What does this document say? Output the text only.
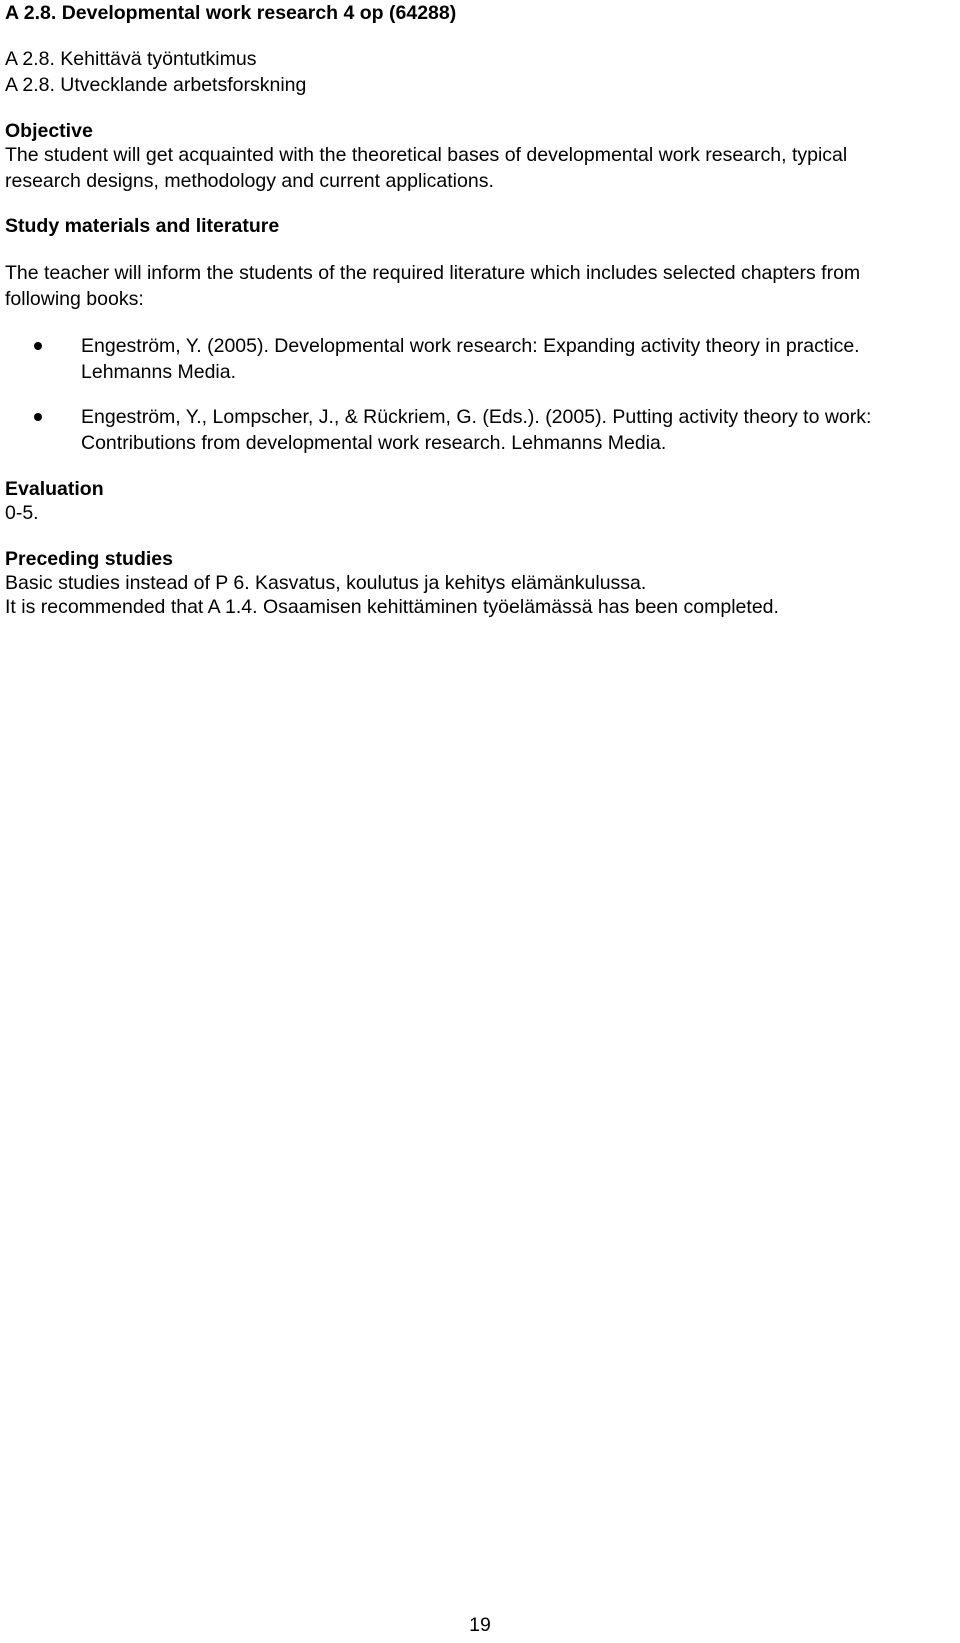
A 2.8. Developmental work research 4 op (64288)
A 2.8. Kehittävä työntutkimus
A 2.8. Utvecklande arbetsforskning
Objective
The student will get acquainted with the theoretical bases of developmental work research, typical research designs, methodology and current applications.
Study materials and literature
The teacher will inform the students of the required literature which includes selected chapters from following books:
Engeström, Y. (2005). Developmental work research: Expanding activity theory in practice. Lehmanns Media.
Engeström, Y., Lompscher, J., & Rückriem, G. (Eds.). (2005). Putting activity theory to work: Contributions from developmental work research. Lehmanns Media.
Evaluation
0-5.
Preceding studies
Basic studies instead of P 6. Kasvatus, koulutus ja kehitys elämänkulussa.
It is recommended that A 1.4. Osaamisen kehittäminen työelämässä has been completed.
19
